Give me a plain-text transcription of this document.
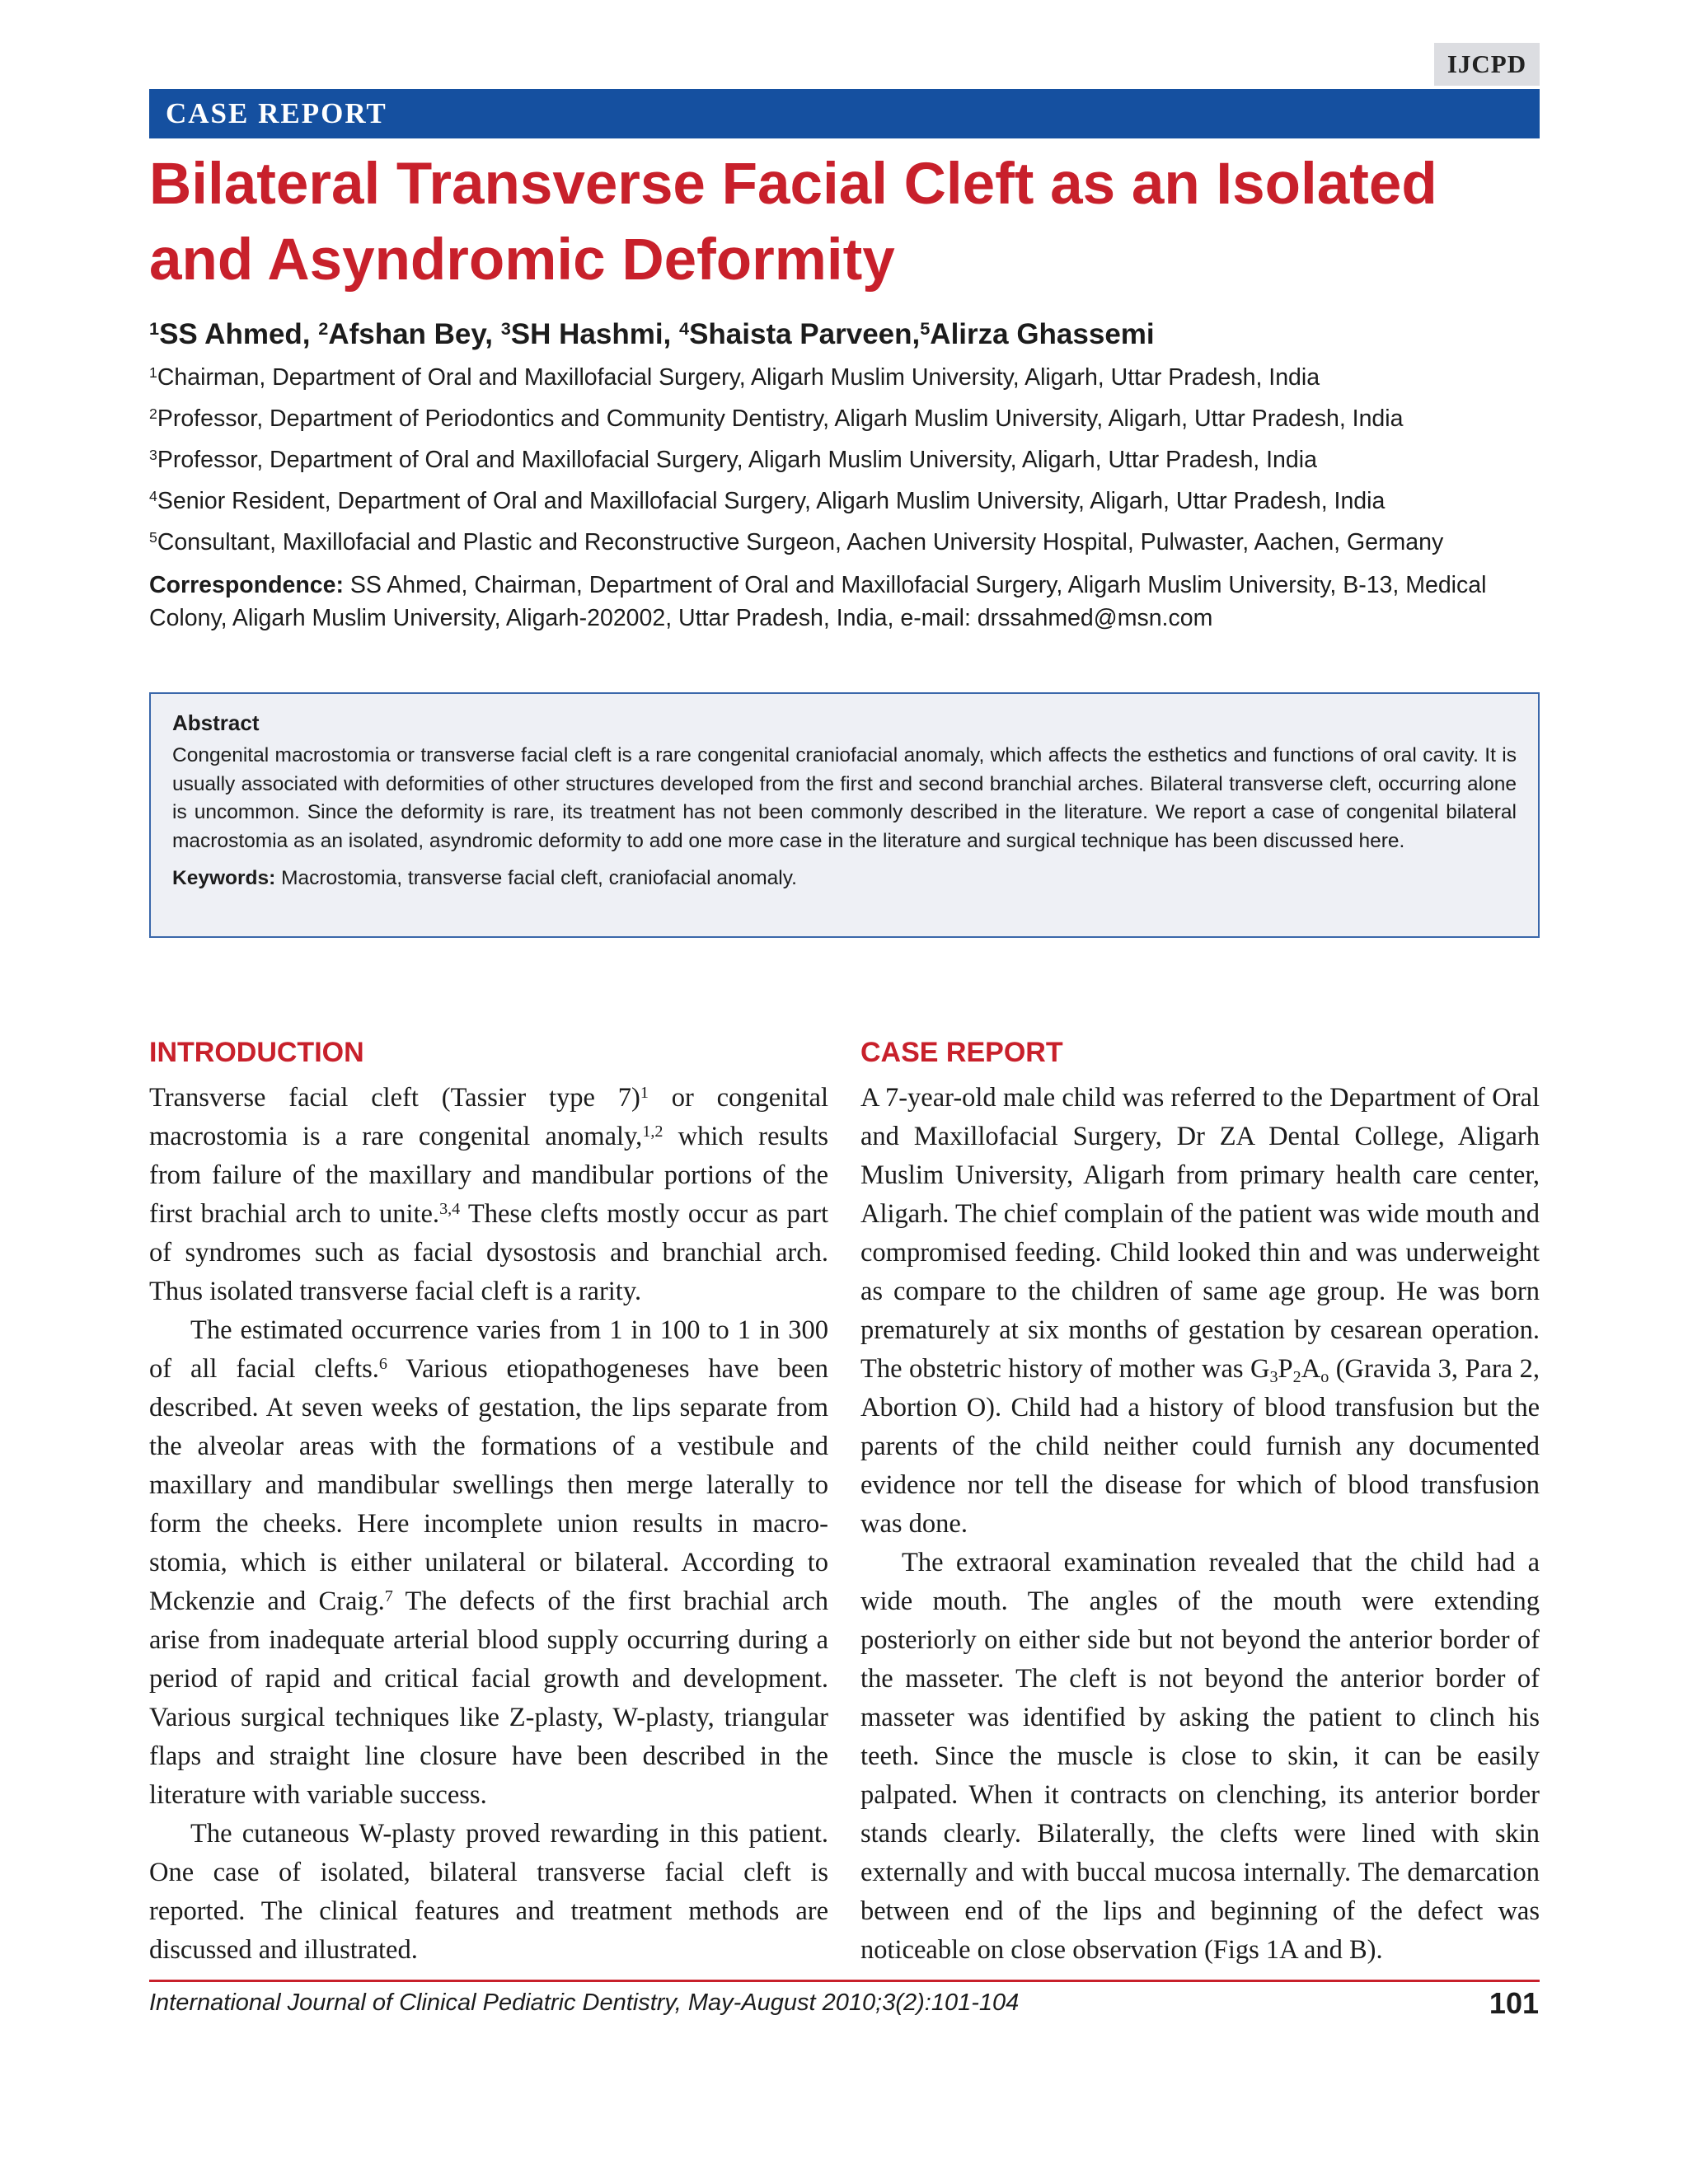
IJCPD
CASE REPORT
Bilateral Transverse Facial Cleft as an Isolated and Asyndromic Deformity
$^1$SS Ahmed, $^2$Afshan Bey, $^3$SH Hashmi, $^4$Shaista Parveen,$^5$Alirza Ghassemi
$^1$Chairman, Department of Oral and Maxillofacial Surgery, Aligarh Muslim University, Aligarh, Uttar Pradesh, India
$^2$Professor, Department of Periodontics and Community Dentistry, Aligarh Muslim University, Aligarh, Uttar Pradesh, India
$^3$Professor, Department of Oral and Maxillofacial Surgery, Aligarh Muslim University, Aligarh, Uttar Pradesh, India
$^4$Senior Resident, Department of Oral and Maxillofacial Surgery, Aligarh Muslim University, Aligarh, Uttar Pradesh, India
$^5$Consultant, Maxillofacial and Plastic and Reconstructive Surgeon, Aachen University Hospital, Pulwaster, Aachen, Germany
Correspondence: SS Ahmed, Chairman, Department of Oral and Maxillofacial Surgery, Aligarh Muslim University, B-13, Medical Colony, Aligarh Muslim University, Aligarh-202002, Uttar Pradesh, India, e-mail: drssahmed@msn.com
Abstract

Congenital macrostomia or transverse facial cleft is a rare congenital craniofacial anomaly, which affects the esthetics and functions of oral cavity. It is usually associated with deformities of other structures developed from the first and second branchial arches. Bilateral transverse cleft, occurring alone is uncommon. Since the deformity is rare, its treatment has not been commonly described in the literature. We report a case of congenital bilateral macrostomia as an isolated, asyndromic deformity to add one more case in the literature and surgical technique has been discussed here.

Keywords: Macrostomia, transverse facial cleft, craniofacial anomaly.
INTRODUCTION

Transverse facial cleft (Tassier type 7)$^1$ or congenital macrostomia is a rare congenital anomaly,$^{1,2}$ which results from failure of the maxillary and mandibular portions of the first brachial arch to unite.$^{3,4}$ These clefts mostly occur as part of syndromes such as facial dysostosis and branchial arch. Thus isolated transverse facial cleft is a rarity.

The estimated occurrence varies from 1 in 100 to 1 in 300 of all facial clefts.$^6$ Various etiopathogeneses have been described. At seven weeks of gestation, the lips separate from the alveolar areas with the formations of a vestibule and maxillary and mandibular swellings then merge laterally to form the cheeks. Here incomplete union results in macro-stomia, which is either unilateral or bilateral. According to Mckenzie and Craig.$^7$ The defects of the first brachial arch arise from inadequate arterial blood supply occurring during a period of rapid and critical facial growth and development. Various surgical techniques like Z-plasty, W-plasty, triangular flaps and straight line closure have been described in the literature with variable success.

The cutaneous W-plasty proved rewarding in this patient. One case of isolated, bilateral transverse facial cleft is reported. The clinical features and treatment methods are discussed and illustrated.

CASE REPORT

A 7-year-old male child was referred to the Department of Oral and Maxillofacial Surgery, Dr ZA Dental College, Aligarh Muslim University, Aligarh from primary health care center, Aligarh. The chief complain of the patient was wide mouth and compromised feeding. Child looked thin and was underweight as compare to the children of same age group. He was born prematurely at six months of gestation by cesarean operation. The obstetric history of mother was $G_3P_2A_o$ (Gravida 3, Para 2, Abortion O). Child had a history of blood transfusion but the parents of the child neither could furnish any documented evidence nor tell the disease for which of blood transfusion was done.

The extraoral examination revealed that the child had a wide mouth. The angles of the mouth were extending posteriorly on either side but not beyond the anterior border of the masseter. The cleft is not beyond the anterior border of masseter was identified by asking the patient to clinch his teeth. Since the muscle is close to skin, it can be easily palpated. When it contracts on clenching, its anterior border stands clearly. Bilaterally, the clefts were lined with skin externally and with buccal mucosa internally. The demarcation between end of the lips and beginning of the defect was noticeable on close observation (Figs 1A and B).

International Journal of Clinical Pediatric Dentistry, May-August 2010;3(2):101-104	101
